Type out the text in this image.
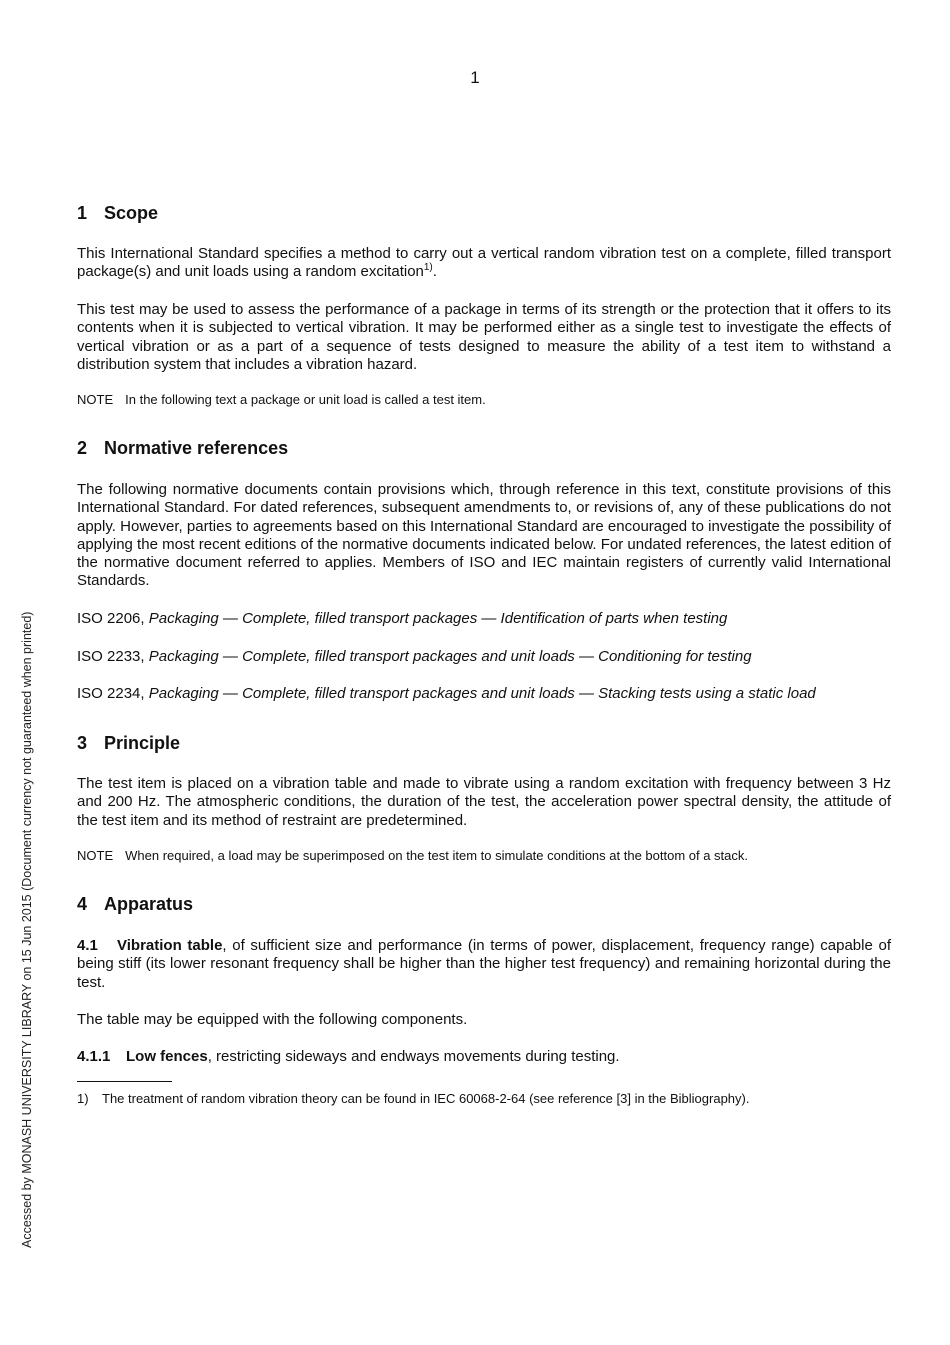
1
Accessed by MONASH UNIVERSITY LIBRARY on 15 Jun 2015 (Document currency not guaranteed when printed)
1 Scope
This International Standard specifies a method to carry out a vertical random vibration test on a complete, filled transport package(s) and unit loads using a random excitation$^{1)}$.
This test may be used to assess the performance of a package in terms of its strength or the protection that it offers to its contents when it is subjected to vertical vibration. It may be performed either as a single test to investigate the effects of vertical vibration or as a part of a sequence of tests designed to measure the ability of a test item to withstand a distribution system that includes a vibration hazard.
NOTE In the following text a package or unit load is called a test item.
2 Normative references
The following normative documents contain provisions which, through reference in this text, constitute provisions of this International Standard. For dated references, subsequent amendments to, or revisions of, any of these publications do not apply. However, parties to agreements based on this International Standard are encouraged to investigate the possibility of applying the most recent editions of the normative documents indicated below. For undated references, the latest edition of the normative document referred to applies. Members of ISO and IEC maintain registers of currently valid International Standards.
ISO 2206, Packaging — Complete, filled transport packages — Identification of parts when testing
ISO 2233, Packaging — Complete, filled transport packages and unit loads — Conditioning for testing
ISO 2234, Packaging — Complete, filled transport packages and unit loads — Stacking tests using a static load
3 Principle
The test item is placed on a vibration table and made to vibrate using a random excitation with frequency between 3 Hz and 200 Hz. The atmospheric conditions, the duration of the test, the acceleration power spectral density, the attitude of the test item and its method of restraint are predetermined.
NOTE When required, a load may be superimposed on the test item to simulate conditions at the bottom of a stack.
4 Apparatus
4.1 Vibration table, of sufficient size and performance (in terms of power, displacement, frequency range) capable of being stiff (its lower resonant frequency shall be higher than the higher test frequency) and remaining horizontal during the test.
The table may be equipped with the following components.
4.1.1 Low fences, restricting sideways and endways movements during testing.
1) The treatment of random vibration theory can be found in IEC 60068-2-64 (see reference [3] in the Bibliography).
